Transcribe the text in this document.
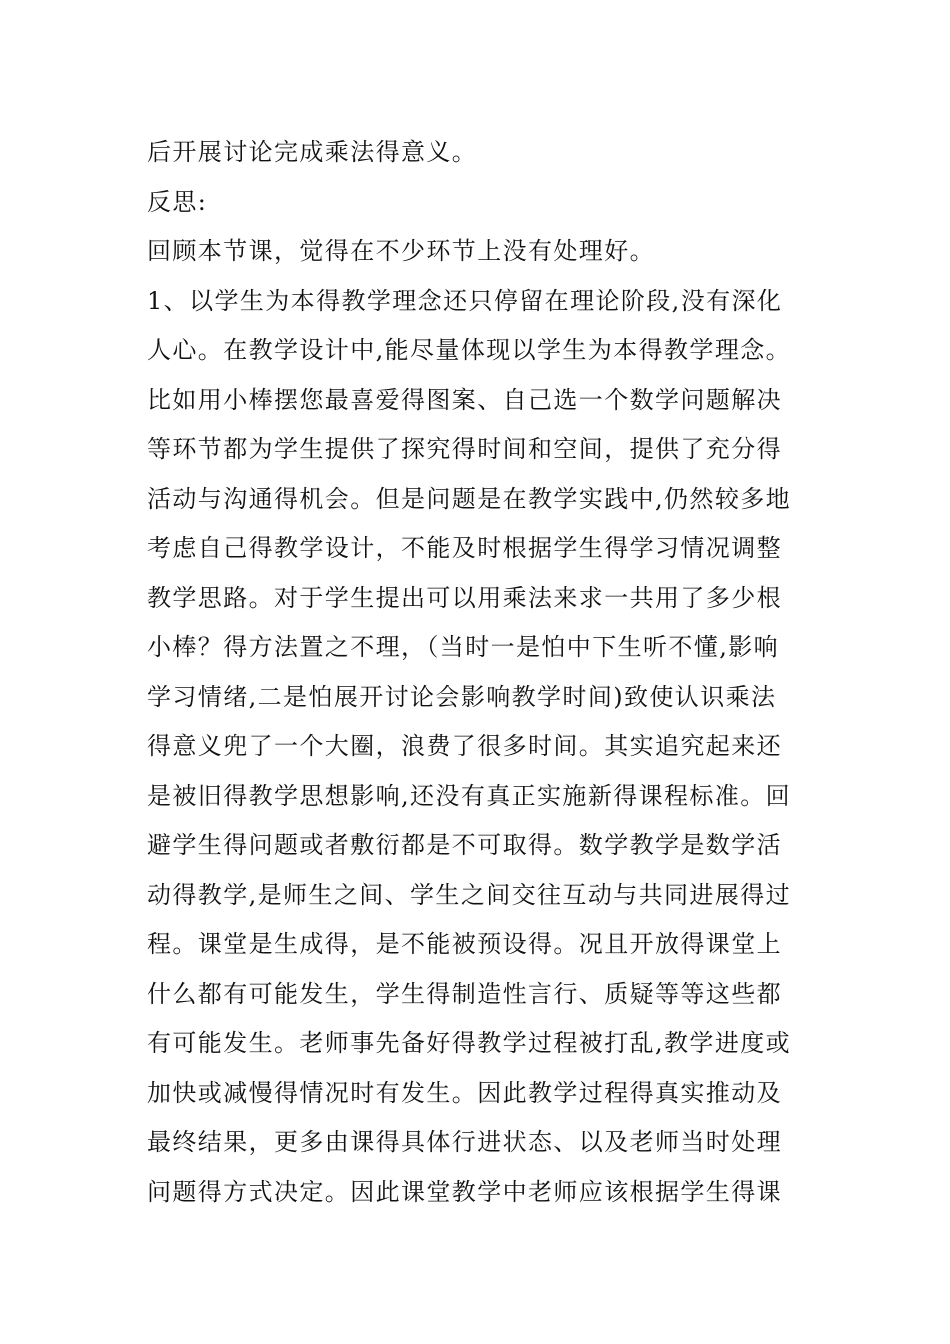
后开展讨论完成乘法得意义。
反思:
回顾本节课，觉得在不少环节上没有处理好。
1、以学生为本得教学理念还只停留在理论阶段,没有深化
人心。在教学设计中,能尽量体现以学生为本得教学理念。
比如用小棒摆您最喜爱得图案、自己选一个数学问题解决
等环节都为学生提供了探究得时间和空间，提供了充分得
活动与沟通得机会。但是问题是在教学实践中,仍然较多地
考虑自己得教学设计，不能及时根据学生得学习情况调整
教学思路。对于学生提出可以用乘法来求一共用了多少根
小棒？得方法置之不理，（当时一是怕中下生听不懂,影响
学习情绪,二是怕展开讨论会影响教学时间)致使认识乘法
得意义兜了一个大圈，浪费了很多时间。其实追究起来还
是被旧得教学思想影响,还没有真正实施新得课程标准。回
避学生得问题或者敷衍都是不可取得。数学教学是数学活
动得教学,是师生之间、学生之间交往互动与共同进展得过
程。课堂是生成得，是不能被预设得。况且开放得课堂上
什么都有可能发生，学生得制造性言行、质疑等等这些都
有可能发生。老师事先备好得教学过程被打乱,教学进度或
加快或减慢得情况时有发生。因此教学过程得真实推动及
最终结果，更多由课得具体行进状态、以及老师当时处理
问题得方式决定。因此课堂教学中老师应该根据学生得课
